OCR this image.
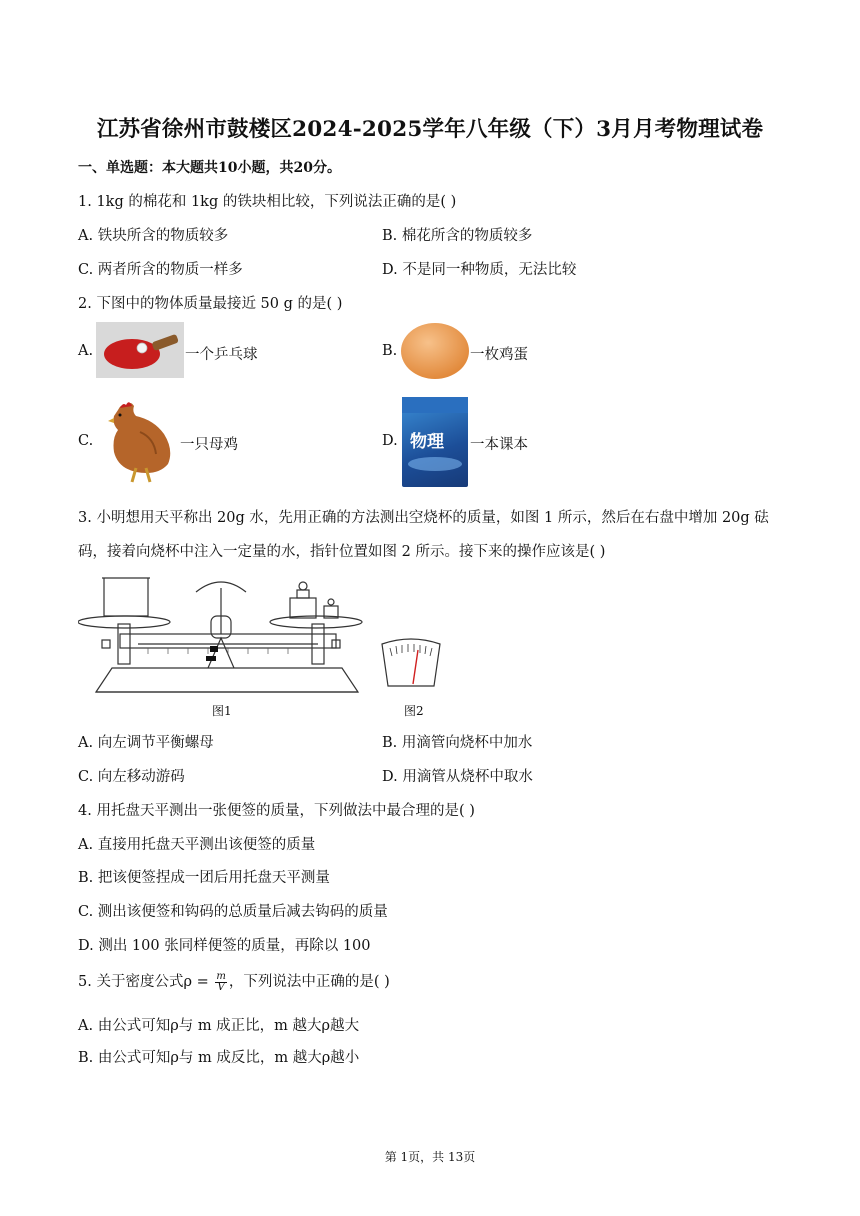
江苏省徐州市鼓楼区2024-2025学年八年级（下）3月月考物理试卷
一、单选题：本大题共10小题，共20分。
1. 1kg 的棉花和 1kg 的铁块相比较，下列说法正确的是( )
A. 铁块所含的物质较多	B. 棉花所含的物质较多
C. 两者所含的物质一样多	D. 不是同一种物质，无法比较
2. 下图中的物体质量最接近 50 g 的是( )
A.	一个乒乓球	B.	一枚鸡蛋
C.	一只母鸡	D. 物理 一本课本
3. 小明想用天平称出 20g 水，先用正确的方法测出空烧杯的质量，如图 1 所示，然后在右盘中增加 20g 砝
码，接着向烧杯中注入一定量的水，指针位置如图 2 所示。接下来的操作应该是( )
图1	图2
A. 向左调节平衡螺母	B. 用滴管向烧杯中加水
C. 向左移动游码	D. 用滴管从烧杯中取水
4. 用托盘天平测出一张便签的质量，下列做法中最合理的是( )
A. 直接用托盘天平测出该便签的质量
B. 把该便签捏成一团后用托盘天平测量
C. 测出该便签和钩码的总质量后减去钩码的质量
D. 测出 100 张同样便签的质量，再除以 100
5. 关于密度公式$\rho = \frac{m}{V}$ ，下列说法中正确的是( )
A. 由公式可知ρ与 m 成正比，m 越大ρ越大
B. 由公式可知ρ与 m 成反比，m 越大ρ越小
第 1页，共 13页
